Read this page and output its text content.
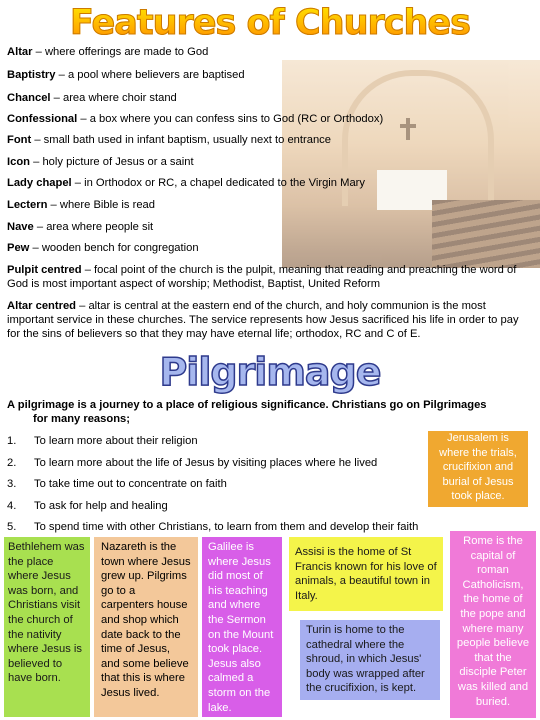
Features of Churches
Altar – where offerings are made to God
Baptistry – a pool where believers are baptised
Chancel – area where choir stand
Confessional – a box where you can confess sins to God (RC or Orthodox)
Font – small bath used in infant baptism, usually next to entrance
Icon – holy picture of Jesus or a saint
Lady chapel – in Orthodox or RC, a chapel dedicated to the Virgin Mary
Lectern – where Bible is read
Nave – area where people sit
Pew – wooden bench for congregation
Pulpit centred – focal point of the church is the pulpit, meaning that reading and preaching the word of God is most important aspect of worship; Methodist, Baptist, United Reform
Altar centred – altar is central at the eastern end of the church, and holy communion is the most important service in these churches. The service represents how Jesus sacrificed his life in order to pay for the sins of believers so that they may have eternal life; orthodox, RC and C of E.
Pilgrimage
A pilgrimage is a journey to a place of religious significance. Christians go on Pilgrimages
for many reasons;
1. To learn more about their religion
2. To learn more about the life of Jesus by visiting places where he lived
3. To take time out to concentrate on faith
4. To ask for help and healing
5. To spend time with other Christians, to learn from them and develop their faith
Jerusalem is where the trials, crucifixion and burial of Jesus took place.
Bethlehem was the place where Jesus was born, and Christians visit the church of the nativity where Jesus is believed to have born.
Nazareth is the town where Jesus grew up. Pilgrims go to a carpenters house and shop which date back to the time of Jesus, and some believe that this is where Jesus lived.
Galilee is where Jesus did most of his teaching and where the Sermon on the Mount took place. Jesus also calmed a storm on the lake.
Assisi is the home of St Francis known for his love of animals, a beautiful town in Italy.
Turin is home to the cathedral where the shroud, in which Jesus' body was wrapped after the crucifixion, is kept.
Rome is the capital of roman Catholicism, the home of the pope and where many people believe that the disciple Peter was killed and buried.
